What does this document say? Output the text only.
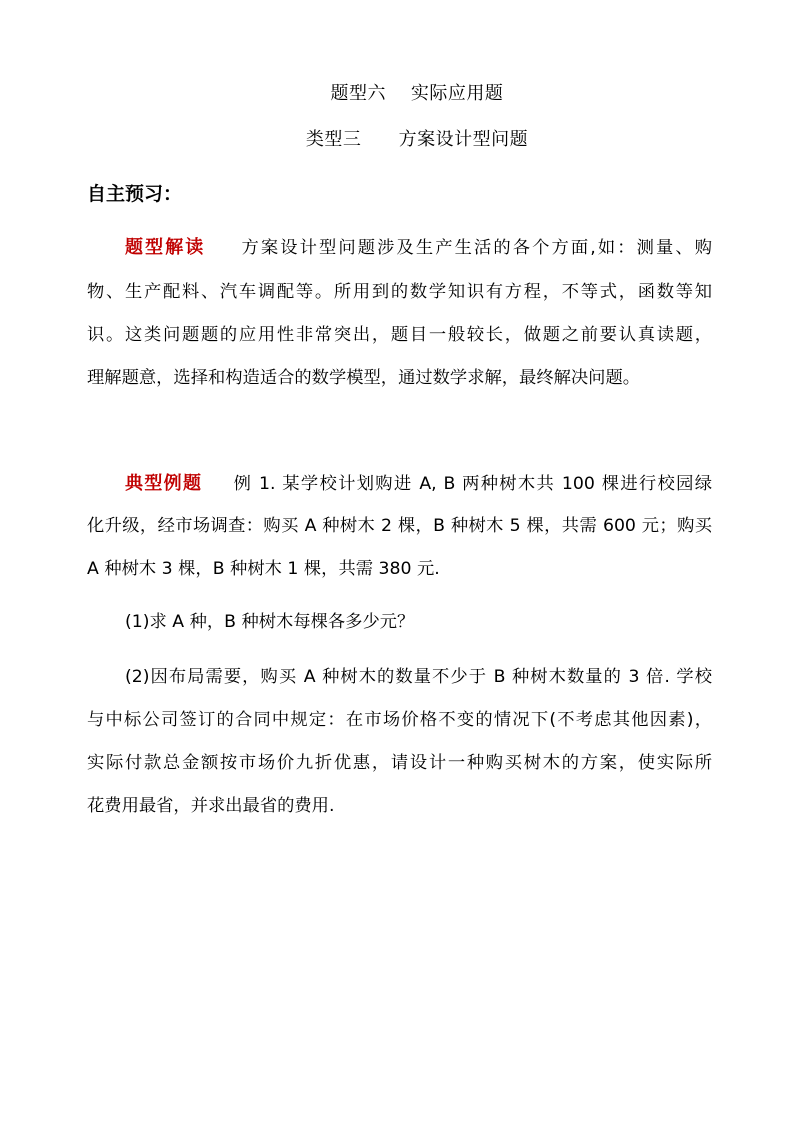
题型六    实际应用题
类型三      方案设计型问题
自主预习：
题型解读 方案设计型问题涉及生产生活的各个方面,如：测量、购
物、生产配料、汽车调配等。所用到的数学知识有方程，不等式，函数等知
识。这类问题题的应用性非常突出，题目一般较长，做题之前要认真读题，
理解题意，选择和构造适合的数学模型，通过数学求解，最终解决问题。
典型例题 例 1. 某学校计划购进 A, B 两种树木共 100 棵进行校园绿
化升级，经市场调查：购买 A 种树木 2 棵，B 种树木 5 棵，共需 600 元；购买
A 种树木 3 棵，B 种树木 1 棵，共需 380 元.
(1)求 A 种，B 种树木每棵各多少元？
(2)因布局需要，购买 A 种树木的数量不少于 B 种树木数量的 3 倍. 学校
与中标公司签订的合同中规定：在市场价格不变的情况下(不考虑其他因素)，
实际付款总金额按市场价九折优惠，请设计一种购买树木的方案，使实际所
花费用最省，并求出最省的费用.
